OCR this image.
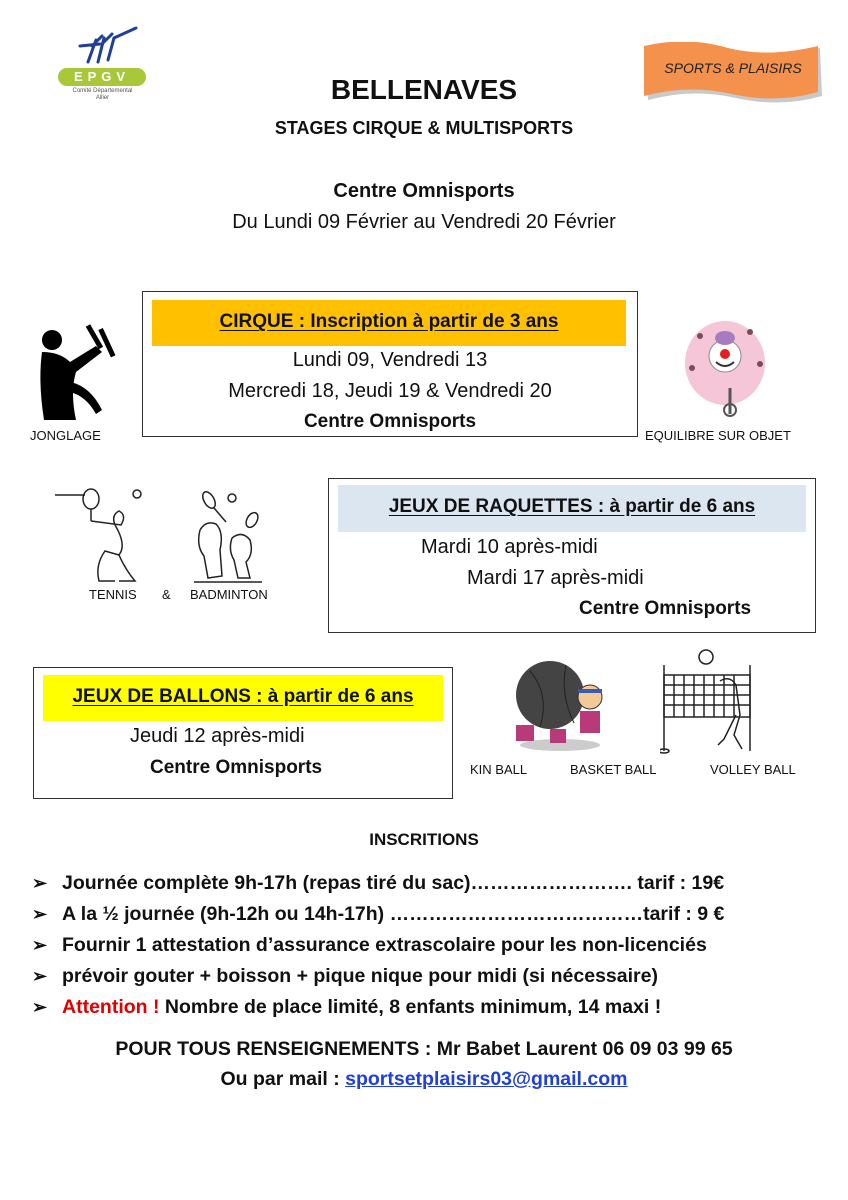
EPGV
Comité Départemental
Allier
SPORTS & PLAISIRS
BELLENAVES
STAGES CIRQUE & MULTISPORTS
Centre Omnisports
Du Lundi 09 Février au Vendredi 20 Février
JONGLAGE
CIRQUE : Inscription à partir de 3 ans
Lundi 09, Vendredi 13
Mercredi 18, Jeudi 19 & Vendredi 20
Centre Omnisports
EQUILIBRE SUR OBJET
TENNIS & BADMINTON
JEUX DE RAQUETTES : à partir de 6 ans
Mardi 10 après-midi
Mardi 17 après-midi
Centre Omnisports
JEUX DE BALLONS : à partir de 6 ans
Jeudi 12 après-midi
Centre Omnisports	KIN BALL	BASKET BALL	VOLLEY BALL
INSCRITIONS
➢ Journée complète 9h-17h (repas tiré du sac)……………………. tarif : 19€
➢ A la ½ journée (9h-12h ou 14h-17h) …………………………………tarif : 9 €
➢ Fournir 1 attestation d’assurance extrascolaire pour les non-licenciés
➢ prévoir gouter + boisson + pique nique pour midi (si nécessaire)
➢ Attention ! Nombre de place limité, 8 enfants minimum, 14 maxi !
POUR TOUS RENSEIGNEMENTS : Mr Babet Laurent 06 09 03 99 65
Ou par mail : sportsetplaisirs03@gmail.com
